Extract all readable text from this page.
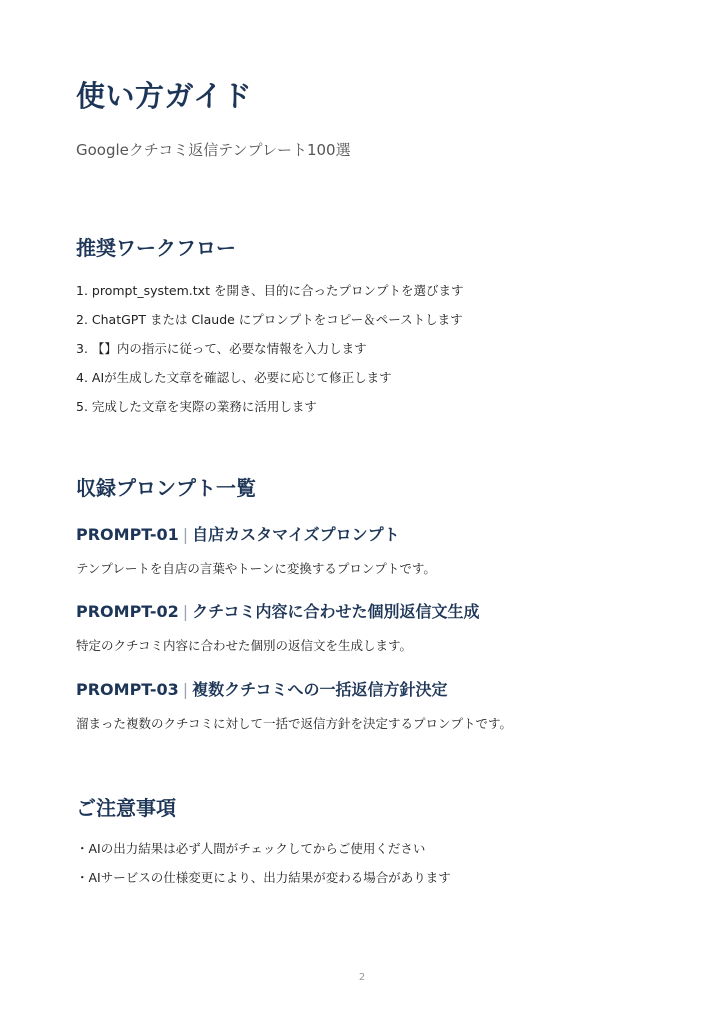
使い方ガイド

Googleクチコミ返信テンプレート100選

推奨ワークフロー
1. prompt_system.txt を開き、目的に合ったプロンプトを選びます
2. ChatGPT または Claude にプロンプトをコピー＆ペーストします
3. 【】内の指示に従って、必要な情報を入力します
4. AIが生成した文章を確認し、必要に応じて修正します
5. 完成した文章を実際の業務に活用します
収録プロンプト一覧
PROMPT-01 | 自店カスタマイズプロンプト

テンプレートを自店の言葉やトーンに変換するプロンプトです。

PROMPT-02 | クチコミ内容に合わせた個別返信文生成

特定のクチコミ内容に合わせた個別の返信文を生成します。

PROMPT-03 | 複数クチコミへの一括返信方針決定

溜まった複数のクチコミに対して一括で返信方針を決定するプロンプトです。

ご注意事項
・AIの出力結果は必ず人間がチェックしてからご使用ください
・AIサービスの仕様変更により、出力結果が変わる場合があります
2
